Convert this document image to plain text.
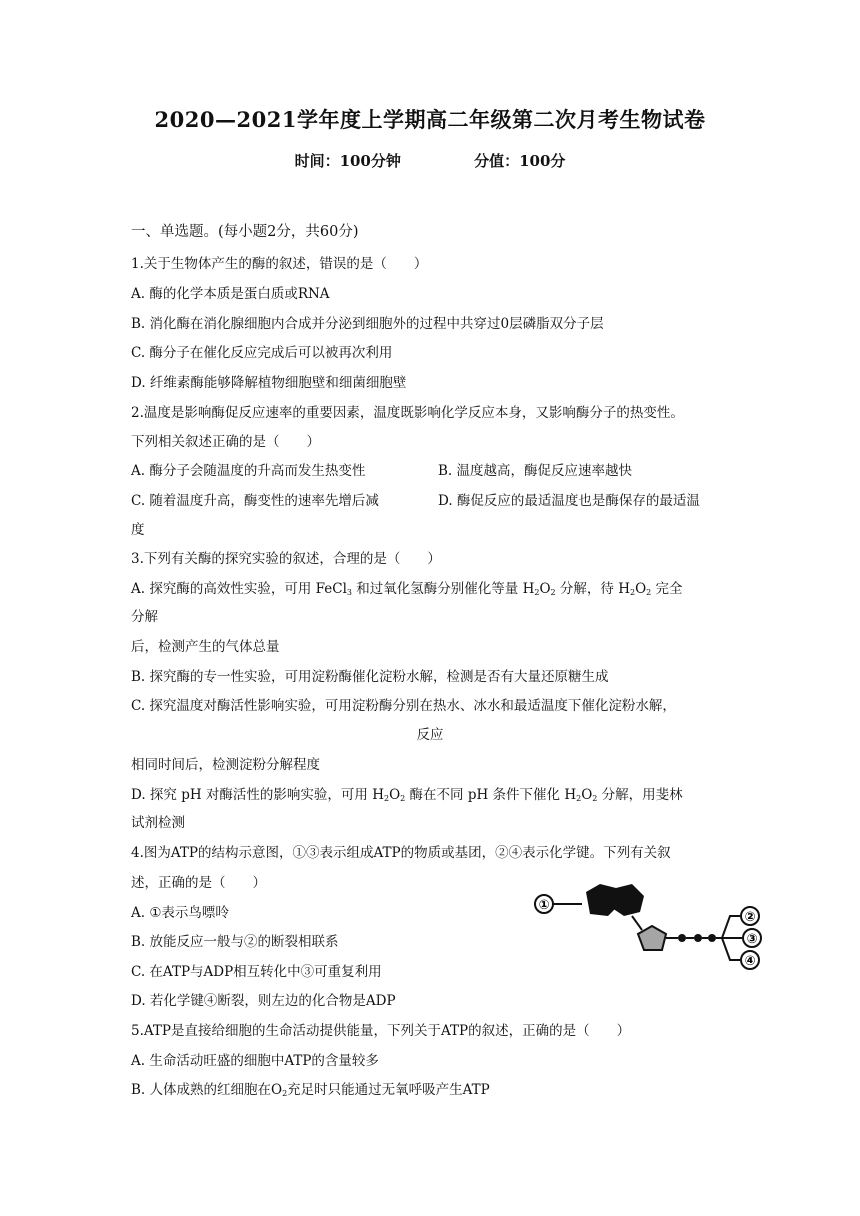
2020—2021学年度上学期高二年级第二次月考生物试卷
时间：100分钟	分值：100分
一、单选题。(每小题2分，共60分)
1.关于生物体产生的酶的叙述，错误的是（　　）
A. 酶的化学本质是蛋白质或RNA
B. 消化酶在消化腺细胞内合成并分泌到细胞外的过程中共穿过0层磷脂双分子层
C. 酶分子在催化反应完成后可以被再次利用
D. 纤维素酶能够降解植物细胞壁和细菌细胞壁
2.温度是影响酶促反应速率的重要因素，温度既影响化学反应本身，又影响酶分子的热变性。
下列相关叙述正确的是（　　）
A. 酶分子会随温度的升高而发生热变性	B. 温度越高，酶促反应速率越快
C. 随着温度升高，酶变性的速率先增后减	D. 酶促反应的最适温度也是酶保存的最适温
度
3.下列有关酶的探究实验的叙述，合理的是（　　）
A. 探究酶的高效性实验，可用 FeCl$_3$ 和过氧化氢酶分别催化等量 $H_2O_2$ 分解，待 $H_2O_2$ 完全
分解
后，检测产生的气体总量
B. 探究酶的专一性实验，可用淀粉酶催化淀粉水解，检测是否有大量还原糖生成
C. 探究温度对酶活性影响实验，可用淀粉酶分别在热水、冰水和最适温度下催化淀粉水解，
反应
相同时间后，检测淀粉分解程度
D. 探究 pH 对酶活性的影响实验，可用 $H_2O_2$ 酶在不同 pH 条件下催化 $H_2O_2$ 分解，用斐林
试剂检测
4.图为ATP的结构示意图，①③表示组成ATP的物质或基团，②④表示化学键。下列有关叙
述，正确的是（　　）
A. ①表示鸟嘌呤
B. 放能反应一般与②的断裂相联系
C. 在ATP与ADP相互转化中③可重复利用
D. 若化学键④断裂，则左边的化合物是ADP
①
②
③
④
5.ATP是直接给细胞的生命活动提供能量，下列关于ATP的叙述，正确的是（　　）
A. 生命活动旺盛的细胞中ATP的含量较多
B. 人体成熟的红细胞在$O_2$充足时只能通过无氧呼吸产生ATP
